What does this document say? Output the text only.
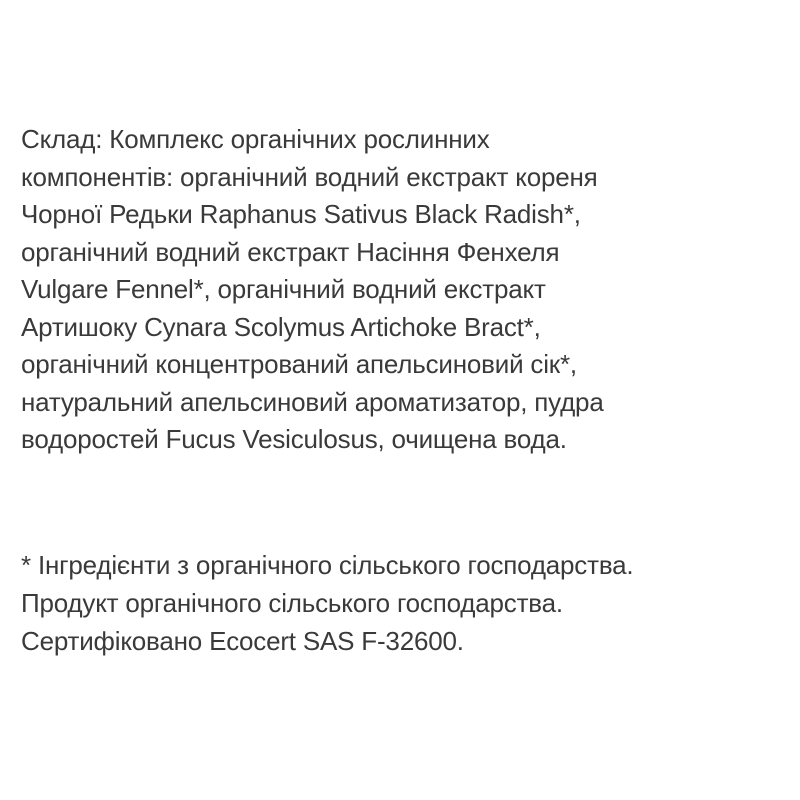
Склад: Комплекс органічних рослинних
компонентів: органічний водний екстракт кореня
Чорної Редьки Raphanus Sativus Black Radish*,
органічний водний екстракт Насіння Фенхеля
Vulgare Fennel*, органічний водний екстракт
Артишоку Cynara Scolymus Artichoke Bract*,
органічний концентрований апельсиновий сік*,
натуральний апельсиновий ароматизатор, пудра
водоростей Fucus Vesiculosus, очищена вода.
* Інгредієнти з органічного сільського господарства.
Продукт органічного сільського господарства.
Сертифіковано Ecocert SAS F-32600.
